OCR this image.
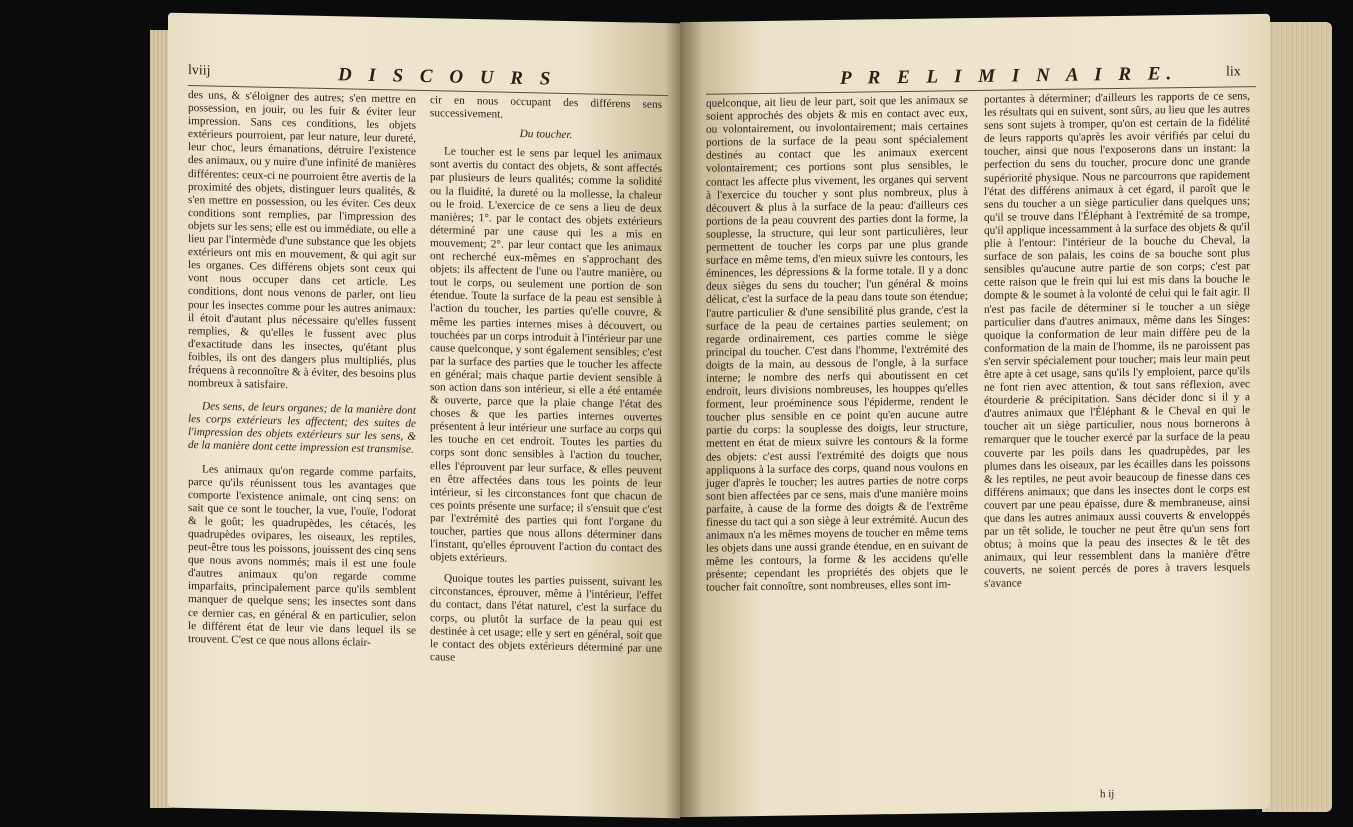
lviij	D I S C O U R S

des uns, & s'éloigner des autres; s'en mettre en possession, en jouir, ou les fuir & éviter leur impression. Sans ces conditions, les objets extérieurs pourroient, par leur nature, leur dureté, leur choc, leurs émanations, détruire l'existence des animaux, ou y nuire d'une infinité de manières différentes: ceux-ci ne pourroient être avertis de la proximité des objets, distinguer leurs qualités, & s'en mettre en possession, ou les éviter. Ces deux conditions sont remplies, par l'impression des objets sur les sens; elle est ou immédiate, ou elle a lieu par l'intermède d'une substance que les objets extérieurs ont mis en mouvement, & qui agit sur les organes. Ces différens objets sont ceux qui vont nous occuper dans cet article. Les conditions, dont nous venons de parler, ont lieu pour les insectes comme pour les autres animaux: il étoit d'autant plus nécessaire qu'elles fussent remplies, & qu'elles le fussent avec plus d'exactitude dans les insectes, qu'étant plus foibles, ils ont des dangers plus multipliés, plus fréquens à reconnoître & à éviter, des besoins plus nombreux à satisfaire.

Des sens, de leurs organes; de la manière dont les corps extérieurs les affectent; des suites de l'impression des objets extérieurs sur les sens, & de la manière dont cette impression est transmise.

Les animaux qu'on regarde comme parfaits, parce qu'ils réunissent tous les avantages que comporte l'existence animale, ont cinq sens: on sait que ce sont le toucher, la vue, l'ouïe, l'odorat & le goût; les quadrupèdes, les cétacés, les quadrupèdes ovipares, les oiseaux, les reptiles, peut-être tous les poissons, jouissent des cinq sens que nous avons nommés; mais il est une foule d'autres animaux qu'on regarde comme imparfaits, principalement parce qu'ils semblent manquer de quelque sens; les insectes sont dans ce dernier cas, en général & en particulier, selon le différent état de leur vie dans lequel ils se trouvent. C'est ce que nous allons éclair-

cir en nous occupant des différens sens successivement.

Du toucher.

Le toucher est le sens par lequel les animaux sont avertis du contact des objets, & sont affectés par plusieurs de leurs qualités; comme la solidité ou la fluidité, la dureté ou la mollesse, la chaleur ou le froid. L'exercice de ce sens a lieu de deux manières; 1°. par le contact des objets extérieurs déterminé par une cause qui les a mis en mouvement; 2°. par leur contact que les animaux ont recherché eux-mêmes en s'approchant des objets: ils affectent de l'une ou l'autre manière, ou tout le corps, ou seulement une portion de son étendue. Toute la surface de la peau est sensible à l'action du toucher, les parties qu'elle couvre, & même les parties internes mises à découvert, ou touchées par un corps introduit à l'intérieur par une cause quelconque, y sont également sensibles; c'est par la surface des parties que le toucher les affecte en général; mais chaque partie devient sensible à son action dans son intérieur, si elle a été entamée & ouverte, parce que la plaie change l'état des choses & que les parties internes ouvertes présentent à leur intérieur une surface au corps qui les touche en cet endroit. Toutes les parties du corps sont donc sensibles à l'action du toucher, elles l'éprouvent par leur surface, & elles peuvent en être affectées dans tous les points de leur intérieur, si les circonstances font que chacun de ces points présente une surface; il s'ensuit que c'est par l'extrémité des parties qui font l'organe du toucher, parties que nous allons déterminer dans l'instant, qu'elles éprouvent l'action du contact des objets extérieurs.

Quoique toutes les parties puissent, suivant les circonstances, éprouver, même à l'intérieur, l'effet du contact, dans l'état naturel, c'est la surface du corps, ou plutôt la surface de la peau qui est destinée à cet usage; elle y sert en général, soit que le contact des objets extérieurs déterminé par une cause

P R E L I M I N A I R E.	lix

quelconque, ait lieu de leur part, soit que les animaux se soient approchés des objets & mis en contact avec eux, ou volontairement, ou involontairement; mais certaines portions de la surface de la peau sont spécialement destinés au contact que les animaux exercent volontairement; ces portions sont plus sensibles, le contact les affecte plus vivement, les organes qui servent à l'exercice du toucher y sont plus nombreux, plus à découvert & plus à la surface de la peau: d'ailleurs ces portions de la peau couvrent des parties dont la forme, la souplesse, la structure, qui leur sont particulières, leur permettent de toucher les corps par une plus grande surface en même tems, d'en mieux suivre les contours, les éminences, les dépressions & la forme totale. Il y a donc deux sièges du sens du toucher; l'un général & moins délicat, c'est la surface de la peau dans toute son étendue; l'autre particulier & d'une sensibilité plus grande, c'est la surface de la peau de certaines parties seulement; on regarde ordinairement, ces parties comme le siège principal du toucher. C'est dans l'homme, l'extrémité des doigts de la main, au dessous de l'ongle, à la surface interne; le nombre des nerfs qui aboutissent en cet endroit, leurs divisions nombreuses, les houppes qu'elles forment, leur proéminence sous l'épiderme, rendent le toucher plus sensible en ce point qu'en aucune autre partie du corps: la souplesse des doigts, leur structure, mettent en état de mieux suivre les contours & la forme des objets: c'est aussi l'extrémité des doigts que nous appliquons à la surface des corps, quand nous voulons en juger d'après le toucher; les autres parties de notre corps sont bien affectées par ce sens, mais d'une manière moins parfaite, à cause de la forme des doigts & de l'extrême finesse du tact qui a son siège à leur extrémité. Aucun des animaux n'a les mêmes moyens de toucher en même tems les objets dans une aussi grande étendue, en en suivant de même les contours, la forme & les accidens qu'elle présente; cependant les propriétés des objets que le toucher fait connoître, sont nombreuses, elles sont im-

portantes à déterminer; d'ailleurs les rapports de ce sens, les résultats qui en suivent, sont sûrs, au lieu que les autres sens sont sujets à tromper, qu'on est certain de la fidélité de leurs rapports qu'après les avoir vérifiés par celui du toucher, ainsi que nous l'exposerons dans un instant: la perfection du sens du toucher, procure donc une grande supériorité physique. Nous ne parcourrons que rapidement l'état des différens animaux à cet égard, il paroît que le sens du toucher a un siège particulier dans quelques uns; qu'il se trouve dans l'Éléphant à l'extrémité de sa trompe, qu'il applique incessamment à la surface des objets & qu'il plie à l'entour: l'intérieur de la bouche du Cheval, la surface de son palais, les coins de sa bouche sont plus sensibles qu'aucune autre partie de son corps; c'est par cette raison que le frein qui lui est mis dans la bouche le dompte & le soumet à la volonté de celui qui le fait agir. Il n'est pas facile de déterminer si le toucher a un siège particulier dans d'autres animaux, même dans les Singes: quoique la conformation de leur main diffère peu de la conformation de la main de l'homme, ils ne paroissent pas s'en servir spécialement pour toucher; mais leur main peut être apte à cet usage, sans qu'ils l'y emploient, parce qu'ils ne font rien avec attention, & tout sans réflexion, avec étourderie & précipitation. Sans décider donc si il y a d'autres animaux que l'Éléphant & le Cheval en qui le toucher ait un siège particulier, nous nous bornerons à remarquer que le toucher exercé par la surface de la peau couverte par les poils dans les quadrupèdes, par les plumes dans les oiseaux, par les écailles dans les poissons & les reptiles, ne peut avoir beaucoup de finesse dans ces différens animaux; que dans les insectes dont le corps est couvert par une peau épaisse, dure & membraneuse, ainsi que dans les autres animaux aussi couverts & enveloppés par un têt solide, le toucher ne peut être qu'un sens fort obtus; à moins que la peau des insectes & le têt des animaux, qui leur ressemblent dans la manière d'être couverts, ne soient percés de pores à travers lesquels s'avance

h ij
